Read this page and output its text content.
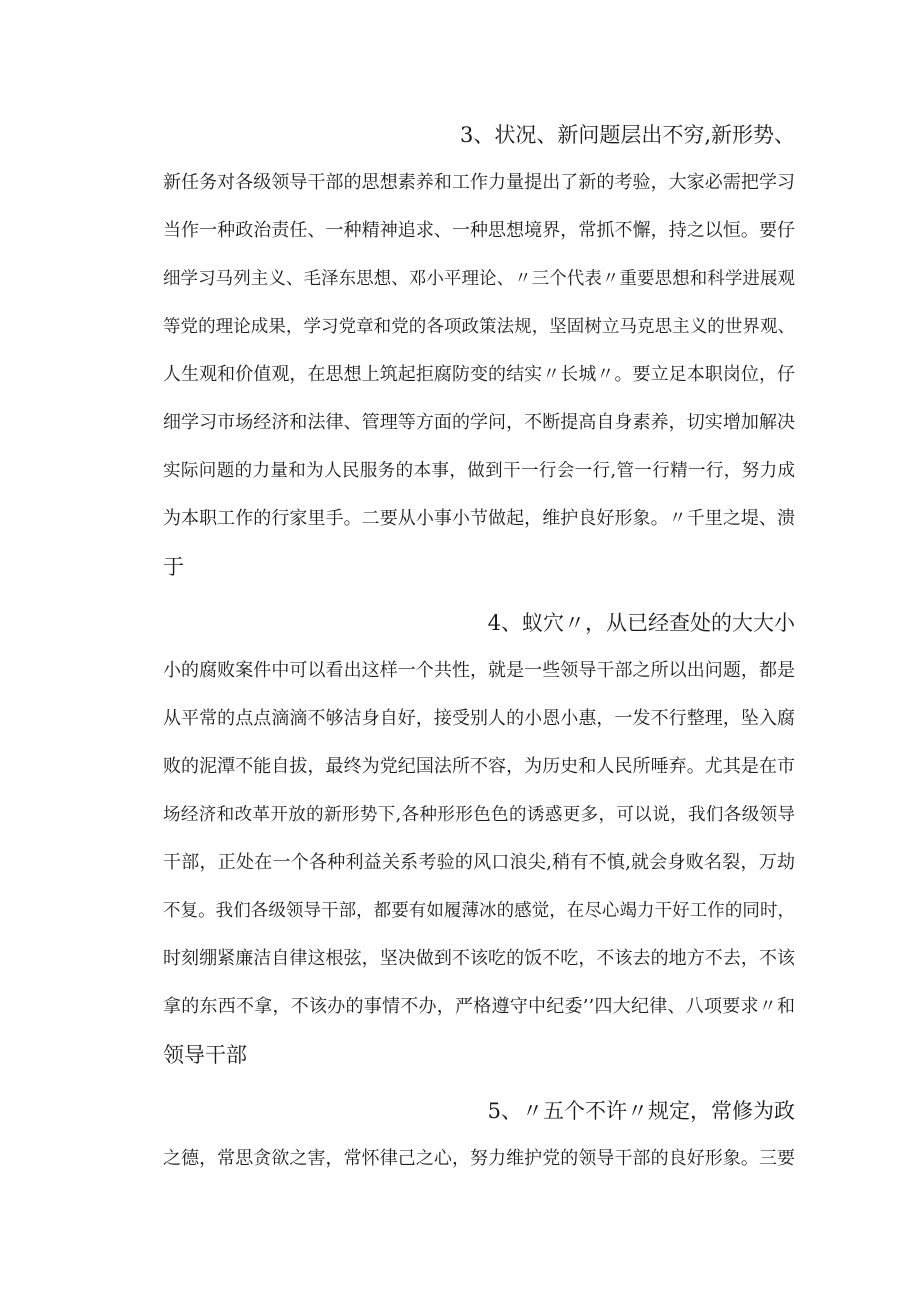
3、状况、新问题层出不穷,新形势、
新任务对各级领导干部的思想素养和工作力量提出了新的考验，大家必需把学习
当作一种政治责任、一种精神追求、一种思想境界，常抓不懈，持之以恒。要仔
细学习马列主义、毛泽东思想、邓小平理论、〃三个代表〃重要思想和科学进展观
等党的理论成果，学习党章和党的各项政策法规，坚固树立马克思主义的世界观、
人生观和价值观，在思想上筑起拒腐防变的结实〃长城〃。要立足本职岗位，仔
细学习市场经济和法律、管理等方面的学问，不断提高自身素养，切实增加解决
实际问题的力量和为人民服务的本事，做到干一行会一行,管一行精一行，努力成
为本职工作的行家里手。二要从小事小节做起，维护良好形象。〃千里之堤、溃
于
4、蚁穴〃，从已经查处的大大小
小的腐败案件中可以看出这样一个共性，就是一些领导干部之所以出问题，都是
从平常的点点滴滴不够洁身自好，接受别人的小恩小惠，一发不行整理，坠入腐
败的泥潭不能自拔，最终为党纪国法所不容，为历史和人民所唾弃。尤其是在市
场经济和改革开放的新形势下,各种形形色色的诱惑更多，可以说，我们各级领导
干部，正处在一个各种利益关系考验的风口浪尖,稍有不慎,就会身败名裂，万劫
不复。我们各级领导干部，都要有如履薄冰的感觉，在尽心竭力干好工作的同时，
时刻绷紧廉洁自律这根弦，坚决做到不该吃的饭不吃，不该去的地方不去，不该
拿的东西不拿，不该办的事情不办，严格遵守中纪委’’四大纪律、八项要求〃和
领导干部
5、〃五个不许〃规定，常修为政
之德，常思贪欲之害，常怀律己之心，努力维护党的领导干部的良好形象。三要
